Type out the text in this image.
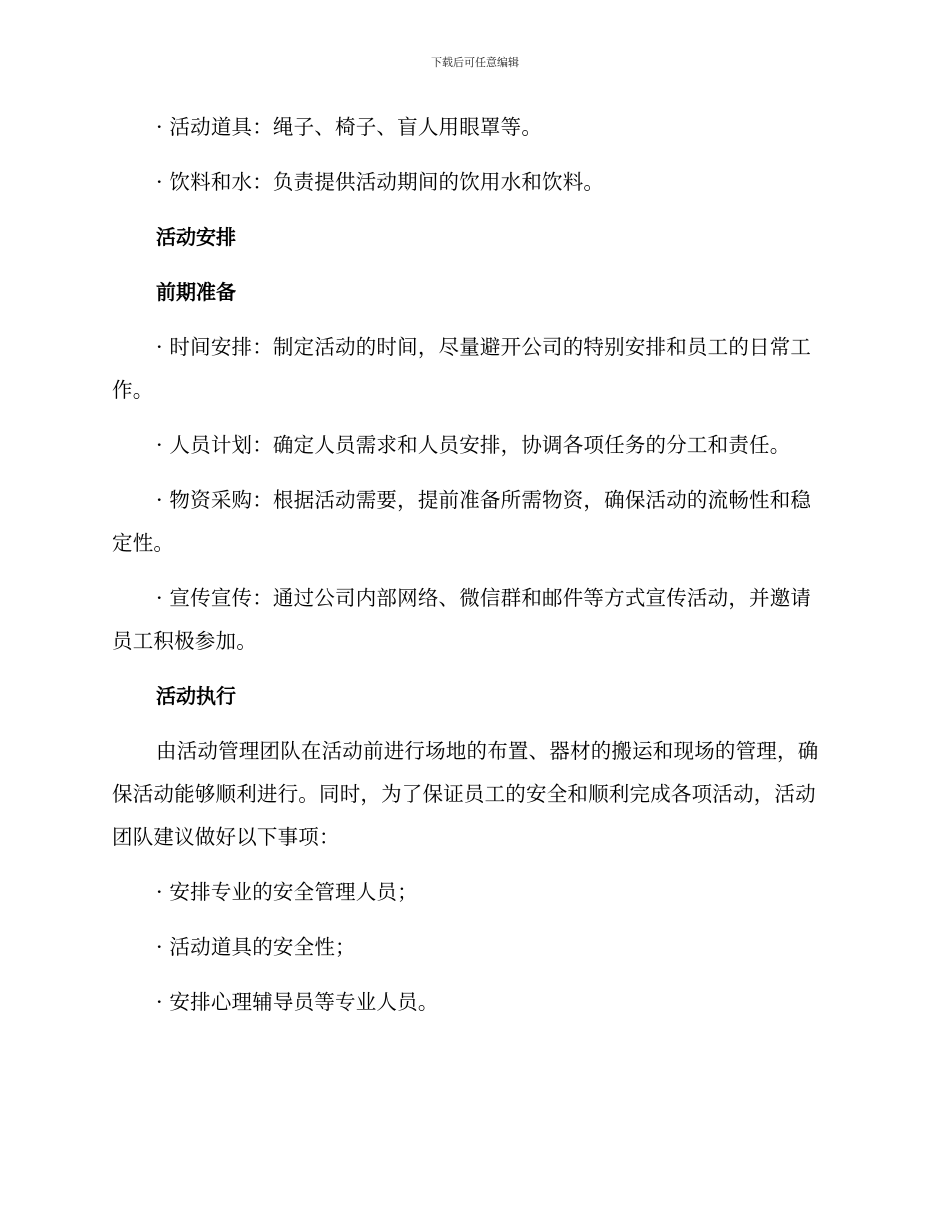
下载后可任意编辑

· 活动道具：绳子、椅子、盲人用眼罩等。

· 饮料和水：负责提供活动期间的饮用水和饮料。

活动安排
前期准备

· 时间安排：制定活动的时间，尽量避开公司的特别安排和员工的日常工作。

· 人员计划：确定人员需求和人员安排，协调各项任务的分工和责任。

· 物资采购：根据活动需要，提前准备所需物资，确保活动的流畅性和稳定性。

· 宣传宣传：通过公司内部网络、微信群和邮件等方式宣传活动，并邀请员工积极参加。

活动执行

由活动管理团队在活动前进行场地的布置、器材的搬运和现场的管理，确保活动能够顺利进行。同时，为了保证员工的安全和顺利完成各项活动，活动团队建议做好以下事项：

· 安排专业的安全管理人员；

· 活动道具的安全性；

· 安排心理辅导员等专业人员。
